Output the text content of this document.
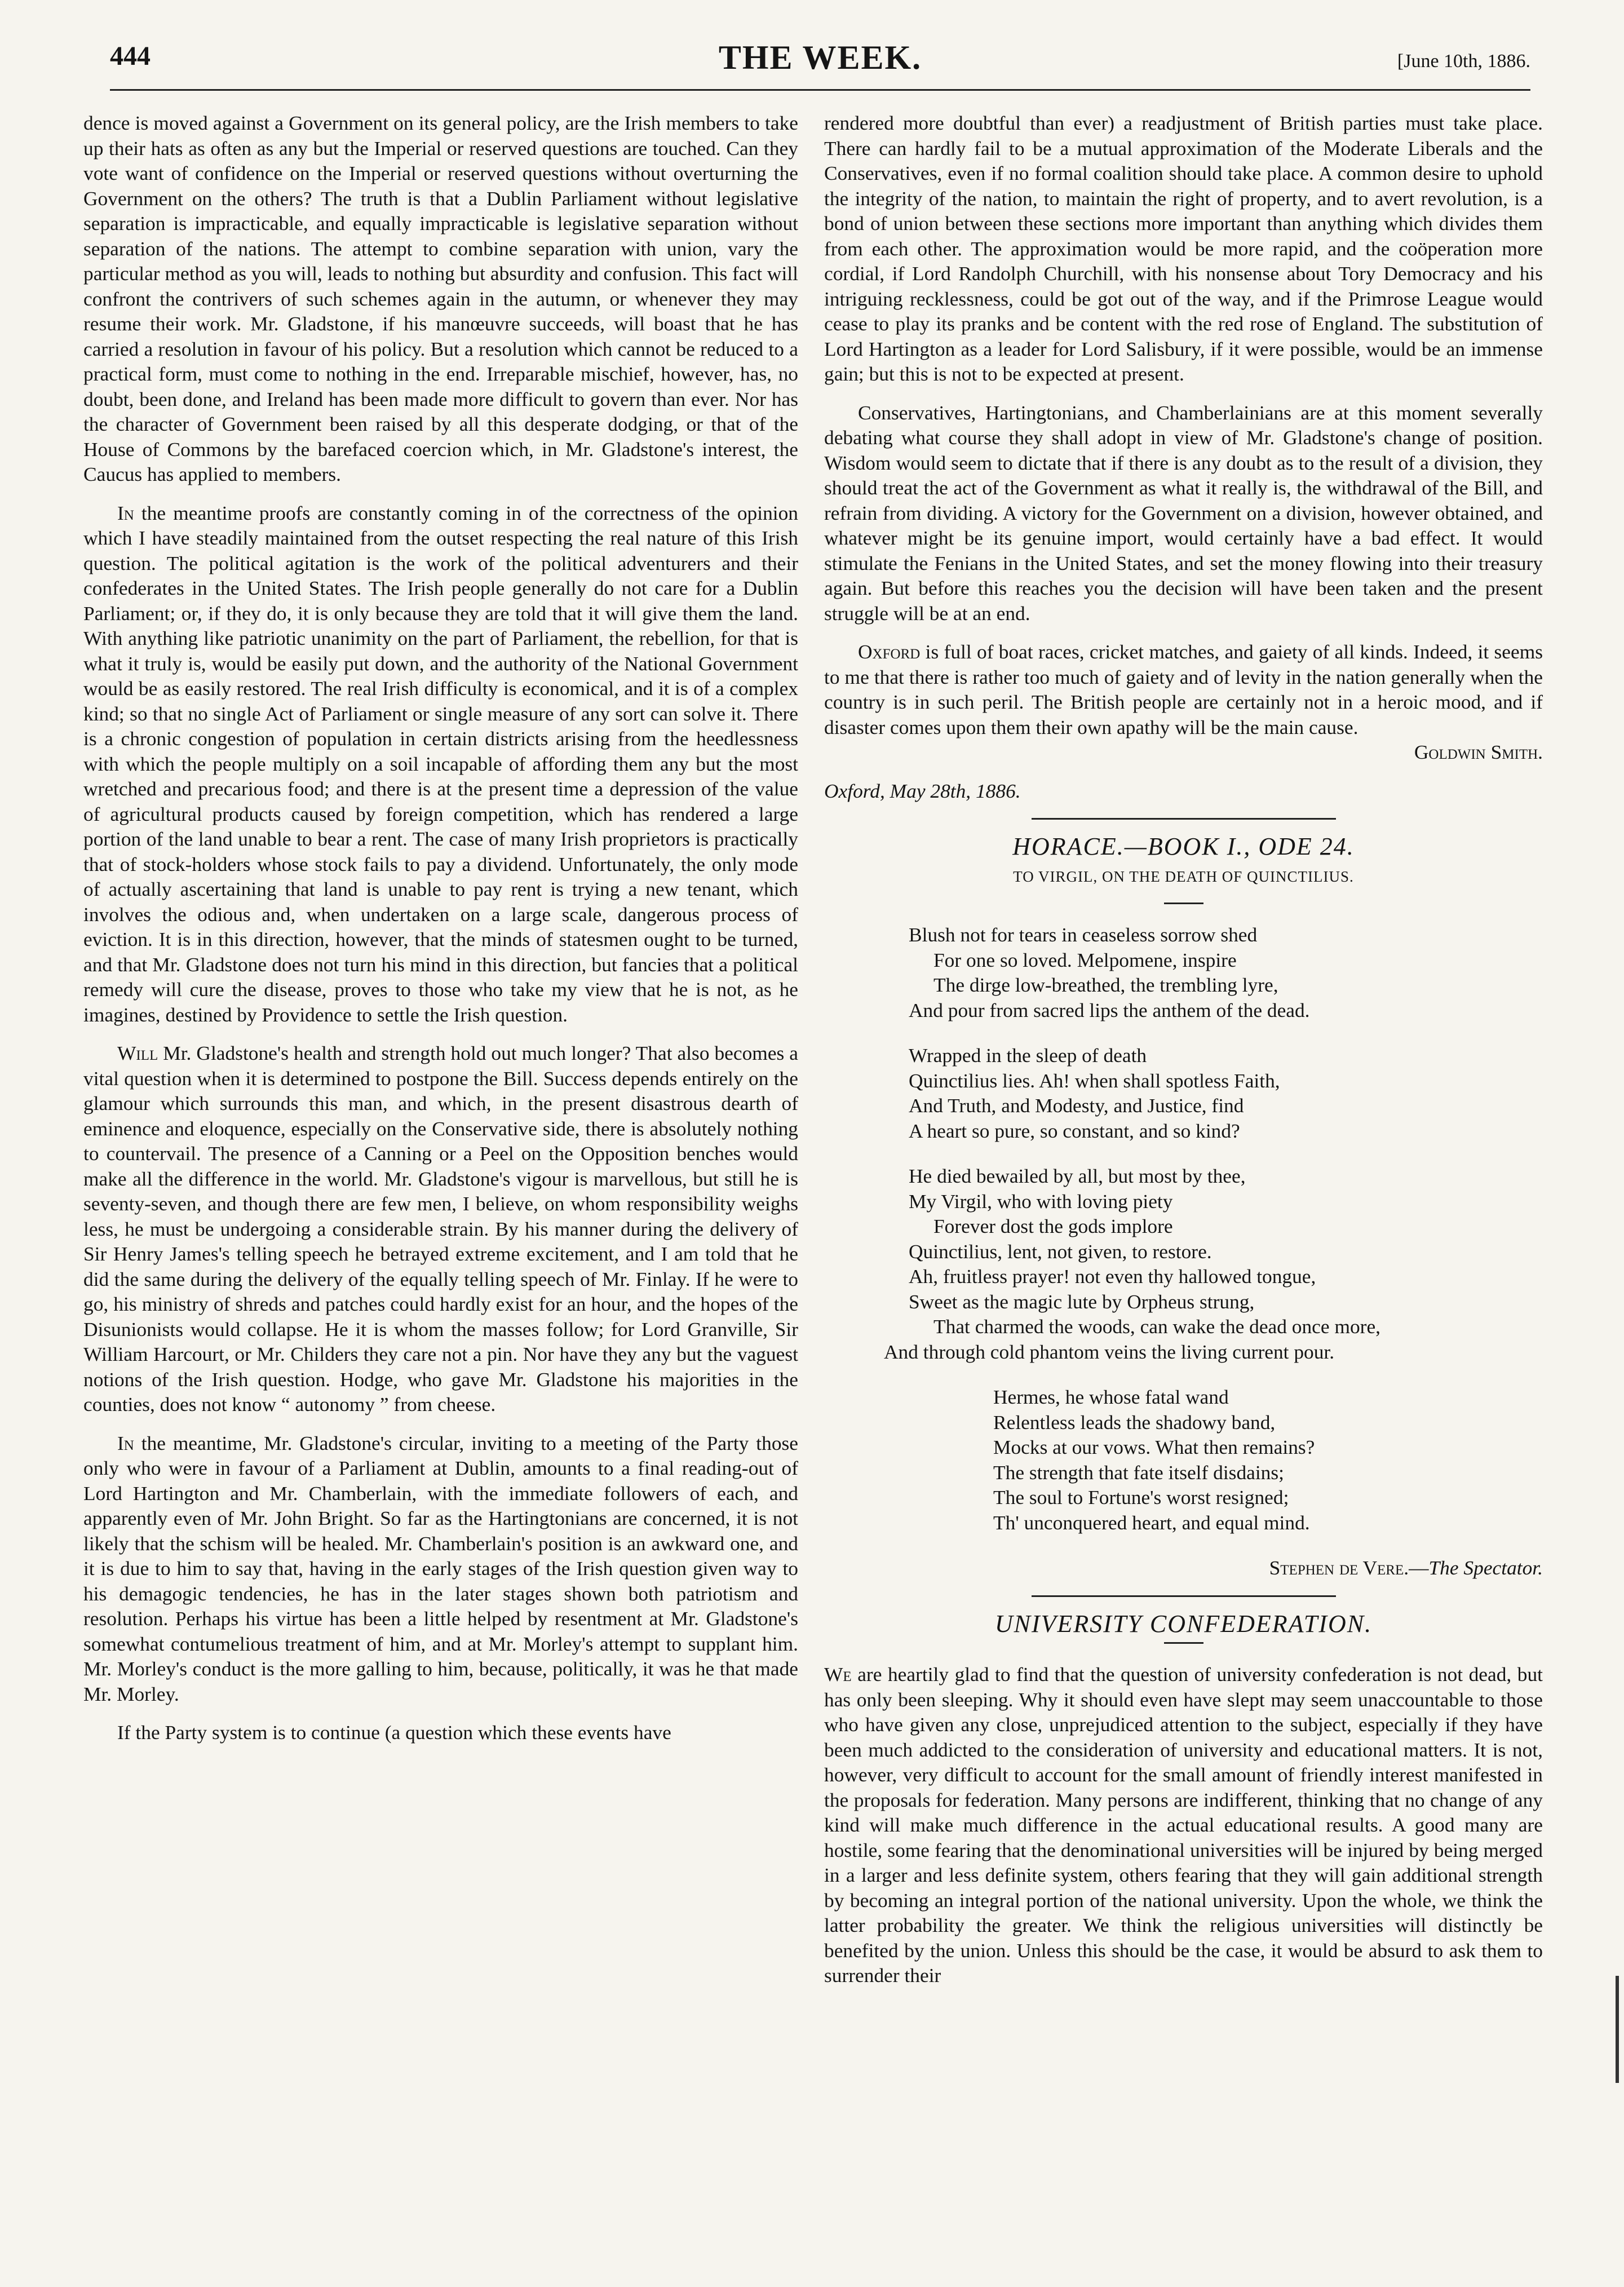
444	THE WEEK.	[June 10th, 1886.

dence is moved against a Government on its general policy, are the Irish members to take up their hats as often as any but the Imperial or reserved questions are touched. Can they vote want of confidence on the Imperial or reserved questions without overturning the Government on the others? The truth is that a Dublin Parliament without legislative separation is impracticable, and equally impracticable is legislative separation without separation of the nations. The attempt to combine separation with union, vary the particular method as you will, leads to nothing but absurdity and confusion. This fact will confront the contrivers of such schemes again in the autumn, or whenever they may resume their work. Mr. Gladstone, if his manœuvre succeeds, will boast that he has carried a resolution in favour of his policy. But a resolution which cannot be reduced to a practical form, must come to nothing in the end. Irreparable mischief, however, has, no doubt, been done, and Ireland has been made more difficult to govern than ever. Nor has the character of Government been raised by all this desperate dodging, or that of the House of Commons by the barefaced coercion which, in Mr. Gladstone's interest, the Caucus has applied to members.

In the meantime proofs are constantly coming in of the correctness of the opinion which I have steadily maintained from the outset respecting the real nature of this Irish question. The political agitation is the work of the political adventurers and their confederates in the United States. The Irish people generally do not care for a Dublin Parliament; or, if they do, it is only because they are told that it will give them the land. With anything like patriotic unanimity on the part of Parliament, the rebellion, for that is what it truly is, would be easily put down, and the authority of the National Government would be as easily restored. The real Irish difficulty is economical, and it is of a complex kind; so that no single Act of Parliament or single measure of any sort can solve it. There is a chronic congestion of population in certain districts arising from the heedlessness with which the people multiply on a soil incapable of affording them any but the most wretched and precarious food; and there is at the present time a depression of the value of agricultural products caused by foreign competition, which has rendered a large portion of the land unable to bear a rent. The case of many Irish proprietors is practically that of stock-holders whose stock fails to pay a dividend. Unfortunately, the only mode of actually ascertaining that land is unable to pay rent is trying a new tenant, which involves the odious and, when undertaken on a large scale, dangerous process of eviction. It is in this direction, however, that the minds of statesmen ought to be turned, and that Mr. Gladstone does not turn his mind in this direction, but fancies that a political remedy will cure the disease, proves to those who take my view that he is not, as he imagines, destined by Providence to settle the Irish question.

Will Mr. Gladstone's health and strength hold out much longer? That also becomes a vital question when it is determined to postpone the Bill. Success depends entirely on the glamour which surrounds this man, and which, in the present disastrous dearth of eminence and eloquence, especially on the Conservative side, there is absolutely nothing to countervail. The presence of a Canning or a Peel on the Opposition benches would make all the difference in the world. Mr. Gladstone's vigour is marvellous, but still he is seventy-seven, and though there are few men, I believe, on whom responsibility weighs less, he must be undergoing a considerable strain. By his manner during the delivery of Sir Henry James's telling speech he betrayed extreme excitement, and I am told that he did the same during the delivery of the equally telling speech of Mr. Finlay. If he were to go, his ministry of shreds and patches could hardly exist for an hour, and the hopes of the Disunionists would collapse. He it is whom the masses follow; for Lord Granville, Sir William Harcourt, or Mr. Childers they care not a pin. Nor have they any but the vaguest notions of the Irish question. Hodge, who gave Mr. Gladstone his majorities in the counties, does not know “ autonomy ” from cheese.

In the meantime, Mr. Gladstone's circular, inviting to a meeting of the Party those only who were in favour of a Parliament at Dublin, amounts to a final reading-out of Lord Hartington and Mr. Chamberlain, with the immediate followers of each, and apparently even of Mr. John Bright. So far as the Hartingtonians are concerned, it is not likely that the schism will be healed. Mr. Chamberlain's position is an awkward one, and it is due to him to say that, having in the early stages of the Irish question given way to his demagogic tendencies, he has in the later stages shown both patriotism and resolution. Perhaps his virtue has been a little helped by resentment at Mr. Gladstone's somewhat contumelious treatment of him, and at Mr. Morley's attempt to supplant him. Mr. Morley's conduct is the more galling to him, because, politically, it was he that made Mr. Morley.

If the Party system is to continue (a question which these events have

rendered more doubtful than ever) a readjustment of British parties must take place. There can hardly fail to be a mutual approximation of the Moderate Liberals and the Conservatives, even if no formal coalition should take place. A common desire to uphold the integrity of the nation, to maintain the right of property, and to avert revolution, is a bond of union between these sections more important than anything which divides them from each other. The approximation would be more rapid, and the coöperation more cordial, if Lord Randolph Churchill, with his nonsense about Tory Democracy and his intriguing recklessness, could be got out of the way, and if the Primrose League would cease to play its pranks and be content with the red rose of England. The substitution of Lord Hartington as a leader for Lord Salisbury, if it were possible, would be an immense gain; but this is not to be expected at present.

Conservatives, Hartingtonians, and Chamberlainians are at this moment severally debating what course they shall adopt in view of Mr. Gladstone's change of position. Wisdom would seem to dictate that if there is any doubt as to the result of a division, they should treat the act of the Government as what it really is, the withdrawal of the Bill, and refrain from dividing. A victory for the Government on a division, however obtained, and whatever might be its genuine import, would certainly have a bad effect. It would stimulate the Fenians in the United States, and set the money flowing into their treasury again. But before this reaches you the decision will have been taken and the present struggle will be at an end.

Oxford is full of boat races, cricket matches, and gaiety of all kinds. Indeed, it seems to me that there is rather too much of gaiety and of levity in the nation generally when the country is in such peril. The British people are certainly not in a heroic mood, and if disaster comes upon them their own apathy will be the main cause.

Goldwin Smith.

Oxford, May 28th, 1886.

HORACE.—BOOK I., ODE 24.

TO VIRGIL, ON THE DEATH OF QUINCTILIUS.

Blush not for tears in ceaseless sorrow shed
For one so loved. Melpomene, inspire
The dirge low-breathed, the trembling lyre,
And pour from sacred lips the anthem of the dead.
Wrapped in the sleep of death
Quinctilius lies. Ah! when shall spotless Faith,
And Truth, and Modesty, and Justice, find
A heart so pure, so constant, and so kind?
He died bewailed by all, but most by thee,
My Virgil, who with loving piety
Forever dost the gods implore
Quinctilius, lent, not given, to restore.
Ah, fruitless prayer! not even thy hallowed tongue,
Sweet as the magic lute by Orpheus strung,
That charmed the woods, can wake the dead once more,
And through cold phantom veins the living current pour.
Hermes, he whose fatal wand
Relentless leads the shadowy band,
Mocks at our vows. What then remains?
The strength that fate itself disdains;
The soul to Fortune's worst resigned;
Th' unconquered heart, and equal mind.

Stephen de Vere.—The Spectator.

UNIVERSITY CONFEDERATION.

We are heartily glad to find that the question of university confederation is not dead, but has only been sleeping. Why it should even have slept may seem unaccountable to those who have given any close, unprejudiced attention to the subject, especially if they have been much addicted to the consideration of university and educational matters. It is not, however, very difficult to account for the small amount of friendly interest manifested in the proposals for federation. Many persons are indifferent, thinking that no change of any kind will make much difference in the actual educational results. A good many are hostile, some fearing that the denominational universities will be injured by being merged in a larger and less definite system, others fearing that they will gain additional strength by becoming an integral portion of the national university. Upon the whole, we think the latter probability the greater. We think the religious universities will distinctly be benefited by the union. Unless this should be the case, it would be absurd to ask them to surrender their
